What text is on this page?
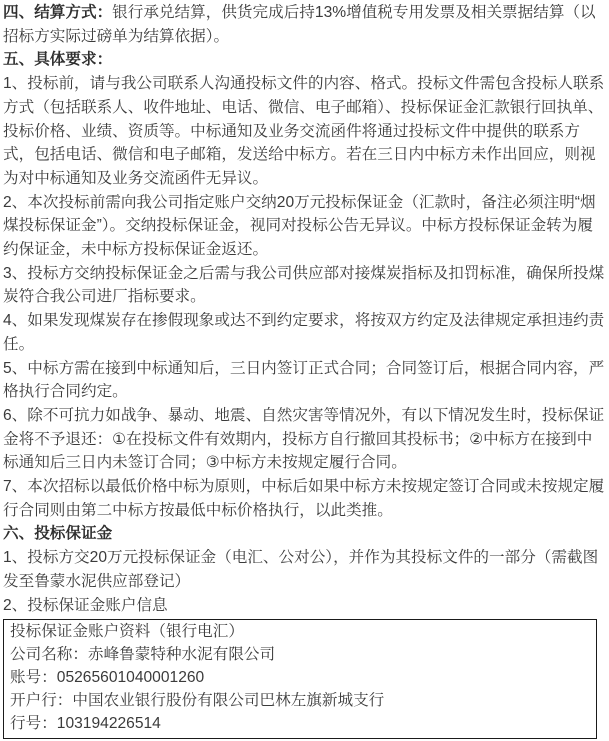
四、结算方式：银行承兑结算，供货完成后持13%增值税专用发票及相关票据结算（以招标方实际过磅单为结算依据）。

五、具体要求：

1、投标前，请与我公司联系人沟通投标文件的内容、格式。投标文件需包含投标人联系方式（包括联系人、收件地址、电话、微信、电子邮箱）、投标保证金汇款银行回执单、投标价格、业绩、资质等。中标通知及业务交流函件将通过投标文件中提供的联系方式，包括电话、微信和电子邮箱，发送给中标方。若在三日内中标方未作出回应，则视为对中标通知及业务交流函件无异议。

2、本次投标前需向我公司指定账户交纳20万元投标保证金（汇款时，备注必须注明“烟煤投标保证金”）。交纳投标保证金，视同对投标公告无异议。中标方投标保证金转为履约保证金，未中标方投标保证金返还。

3、投标方交纳投标保证金之后需与我公司供应部对接煤炭指标及扣罚标准，确保所投煤炭符合我公司进厂指标要求。

4、如果发现煤炭存在掺假现象或达不到约定要求，将按双方约定及法律规定承担违约责任。

5、中标方需在接到中标通知后，三日内签订正式合同；合同签订后，根据合同内容，严格执行合同约定。

6、除不可抗力如战争、暴动、地震、自然灾害等情况外，有以下情况发生时，投标保证金将不予退还：①在投标文件有效期内，投标方自行撤回其投标书；②中标方在接到中标通知后三日内未签订合同；③中标方未按规定履行合同。

7、本次招标以最低价格中标为原则，中标后如果中标方未按规定签订合同或未按规定履行合同则由第二中标方按最低中标价格执行，以此类推。

六、投标保证金

1、投标方交20万元投标保证金（电汇、公对公），并作为其投标文件的一部分（需截图发至鲁蒙水泥供应部登记）

2、投标保证金账户信息

投标保证金账户资料（银行电汇）

公司名称：赤峰鲁蒙特种水泥有限公司

账号：05265601040001260

开户行：中国农业银行股份有限公司巴林左旗新城支行

行号：103194226514
